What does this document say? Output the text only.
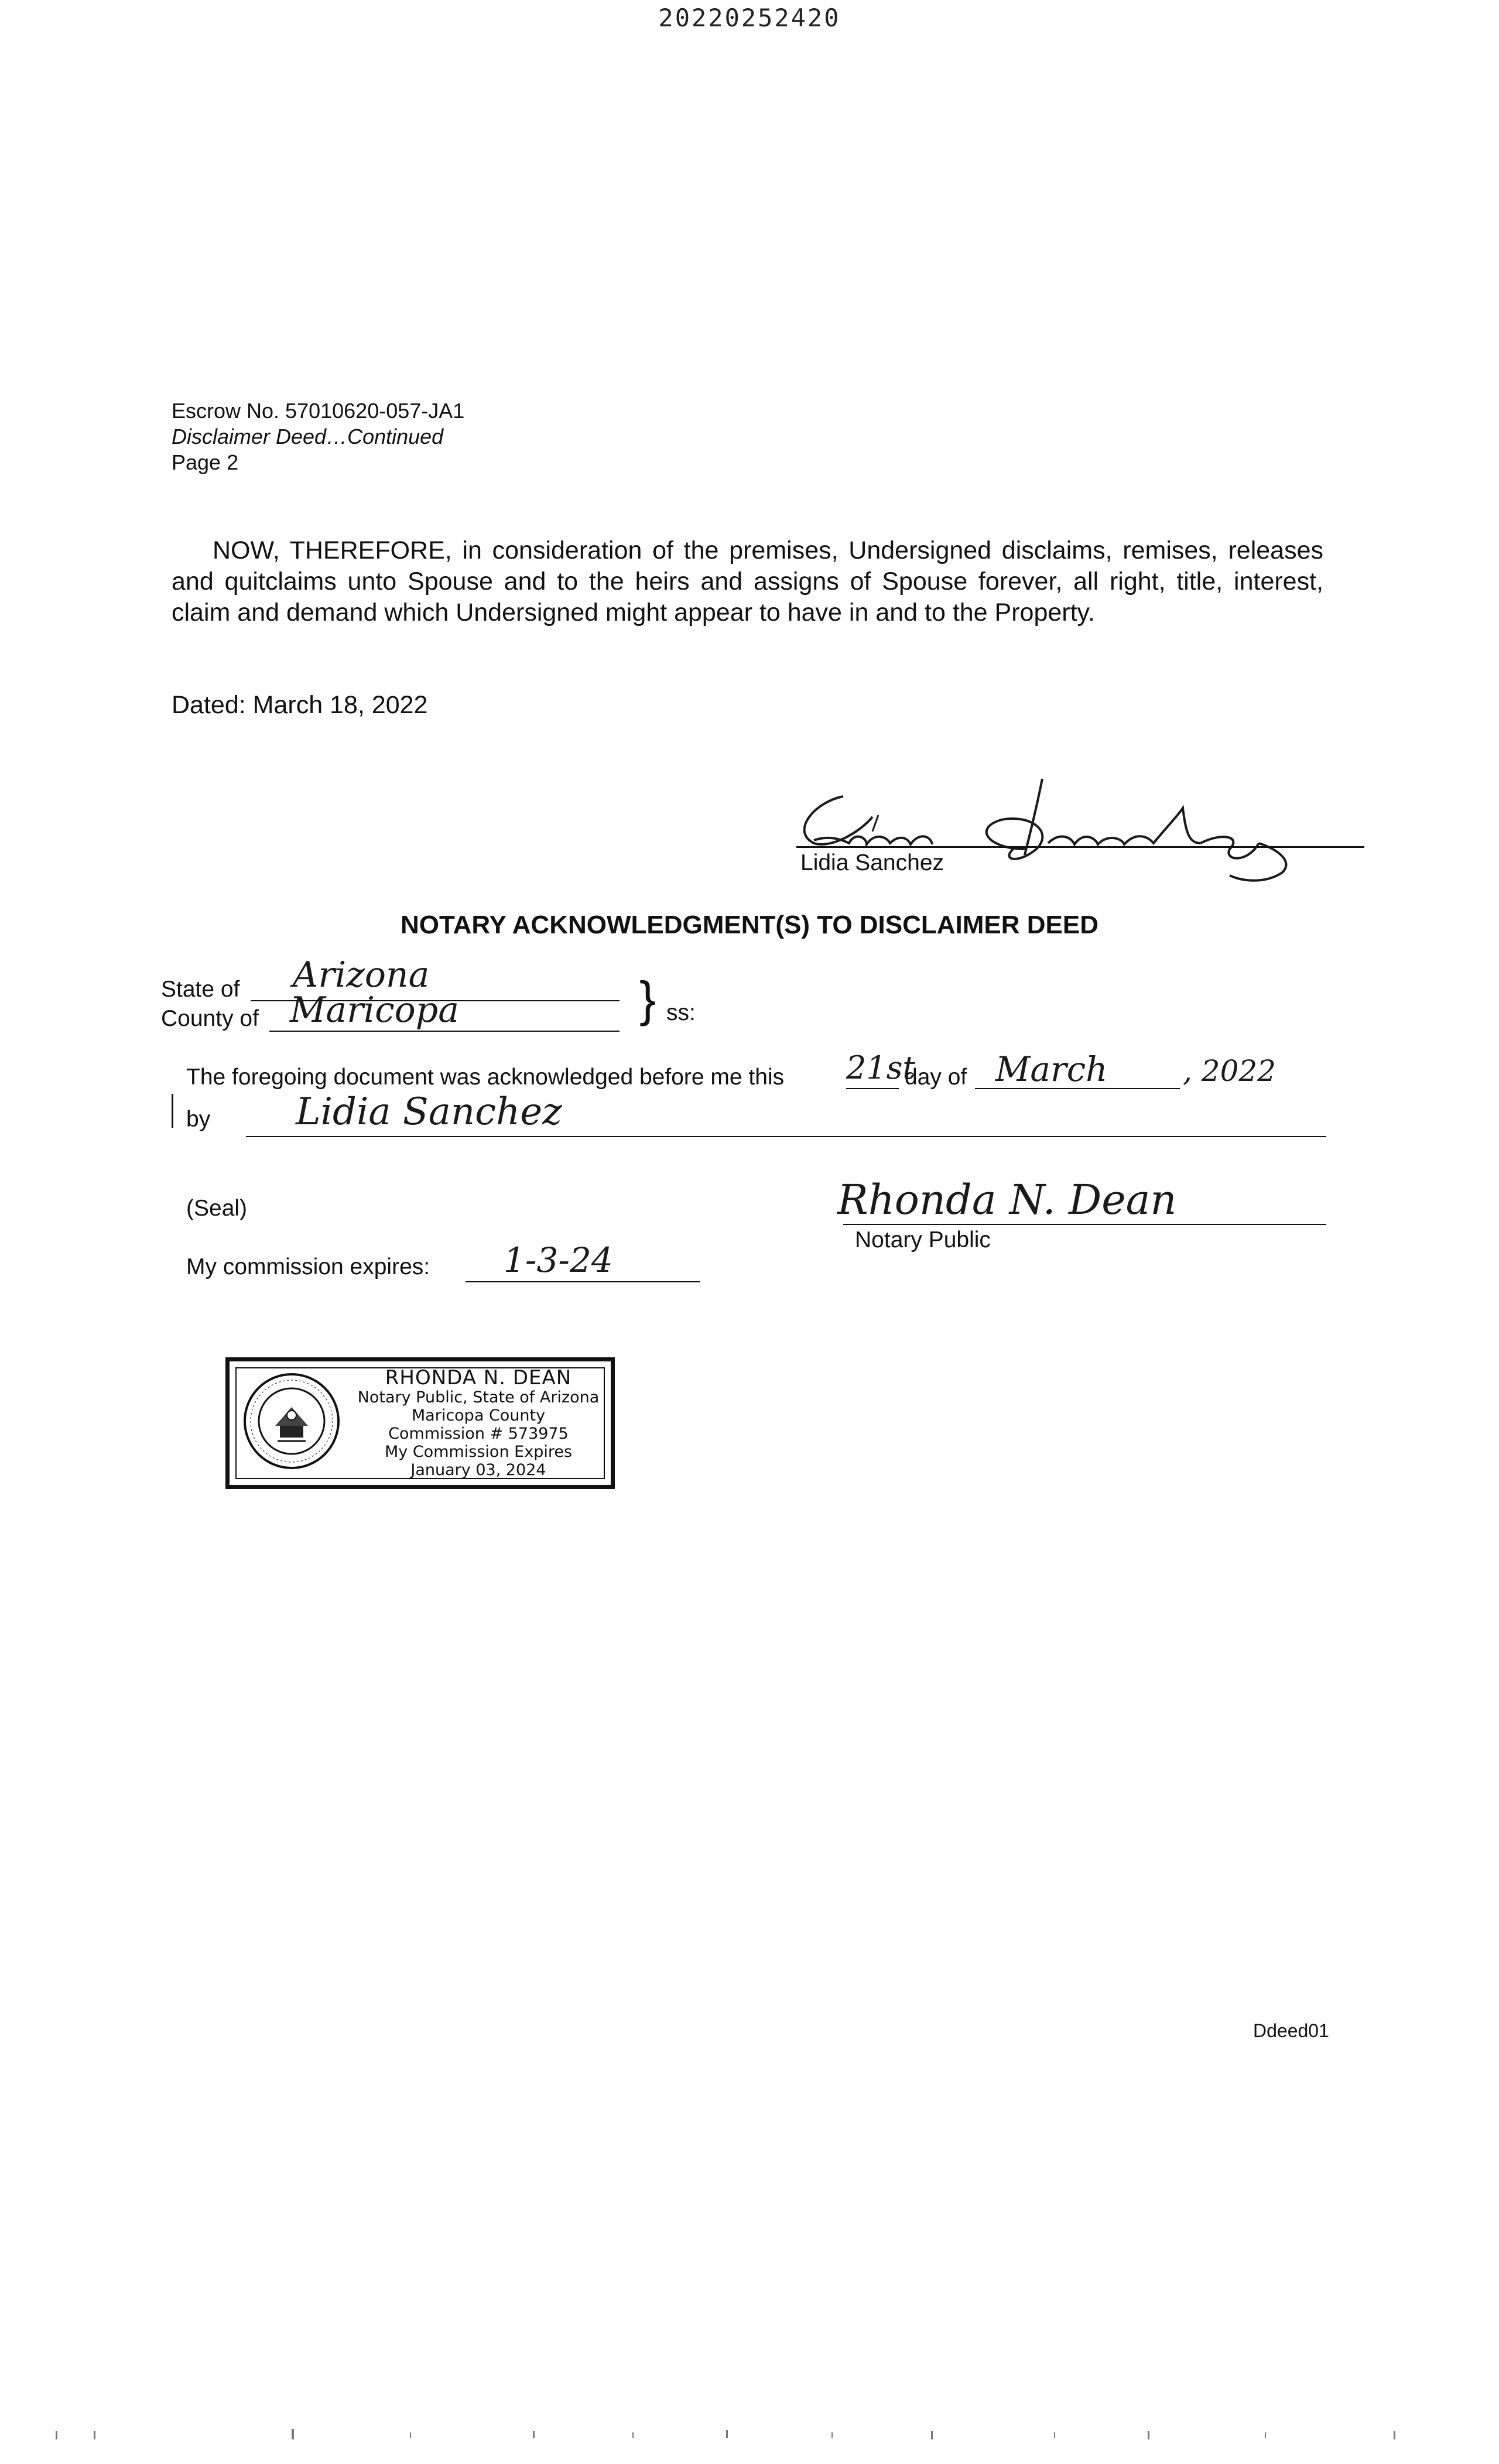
20220252420
Escrow No. 57010620-057-JA1
Disclaimer Deed…Continued
Page 2
NOW, THEREFORE, in consideration of the premises, Undersigned disclaims, remises, releases and quitclaims unto Spouse and to the heirs and assigns of Spouse forever, all right, title, interest, claim and demand which Undersigned might appear to have in and to the Property.
Dated: March 18, 2022
Lidia Sanchez
Lidia Sanchez
NOTARY ACKNOWLEDGMENT(S) TO DISCLAIMER DEED
State of Arizona
County of Maricopa	} ss:
The foregoing document was acknowledged before me this 21st
day of March	, 2022
by Lidia Sanchez
(Seal)	Rhonda N. Dean
Notary Public
My commission expires: 1-3-24
RHONDA N. DEAN
Notary Public, State of Arizona
Maricopa County
Commission # 573975
My Commission Expires
January 03, 2024
Ddeed01
